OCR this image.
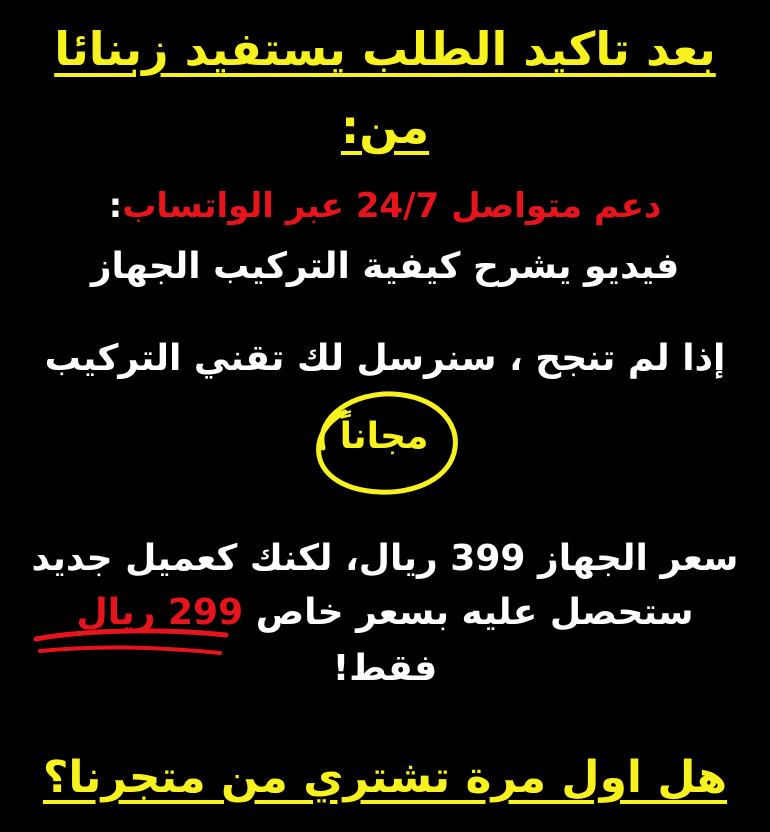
بعد تاكيد الطلب يستفيد زبنائا
من:
دعم متواصل 24/7 عبر الواتساب:
فيديو يشرح كيفية التركيب الجهاز
إذا لم تنجح ، سنرسل لك تقني التركيب
مجاناً
سعر الجهاز 399 ريال، لكنك كعميل جديد
ستحصل عليه بسعر خاص 299 ريال
فقط!
هل اول مرة تشتري من متجرنا؟
